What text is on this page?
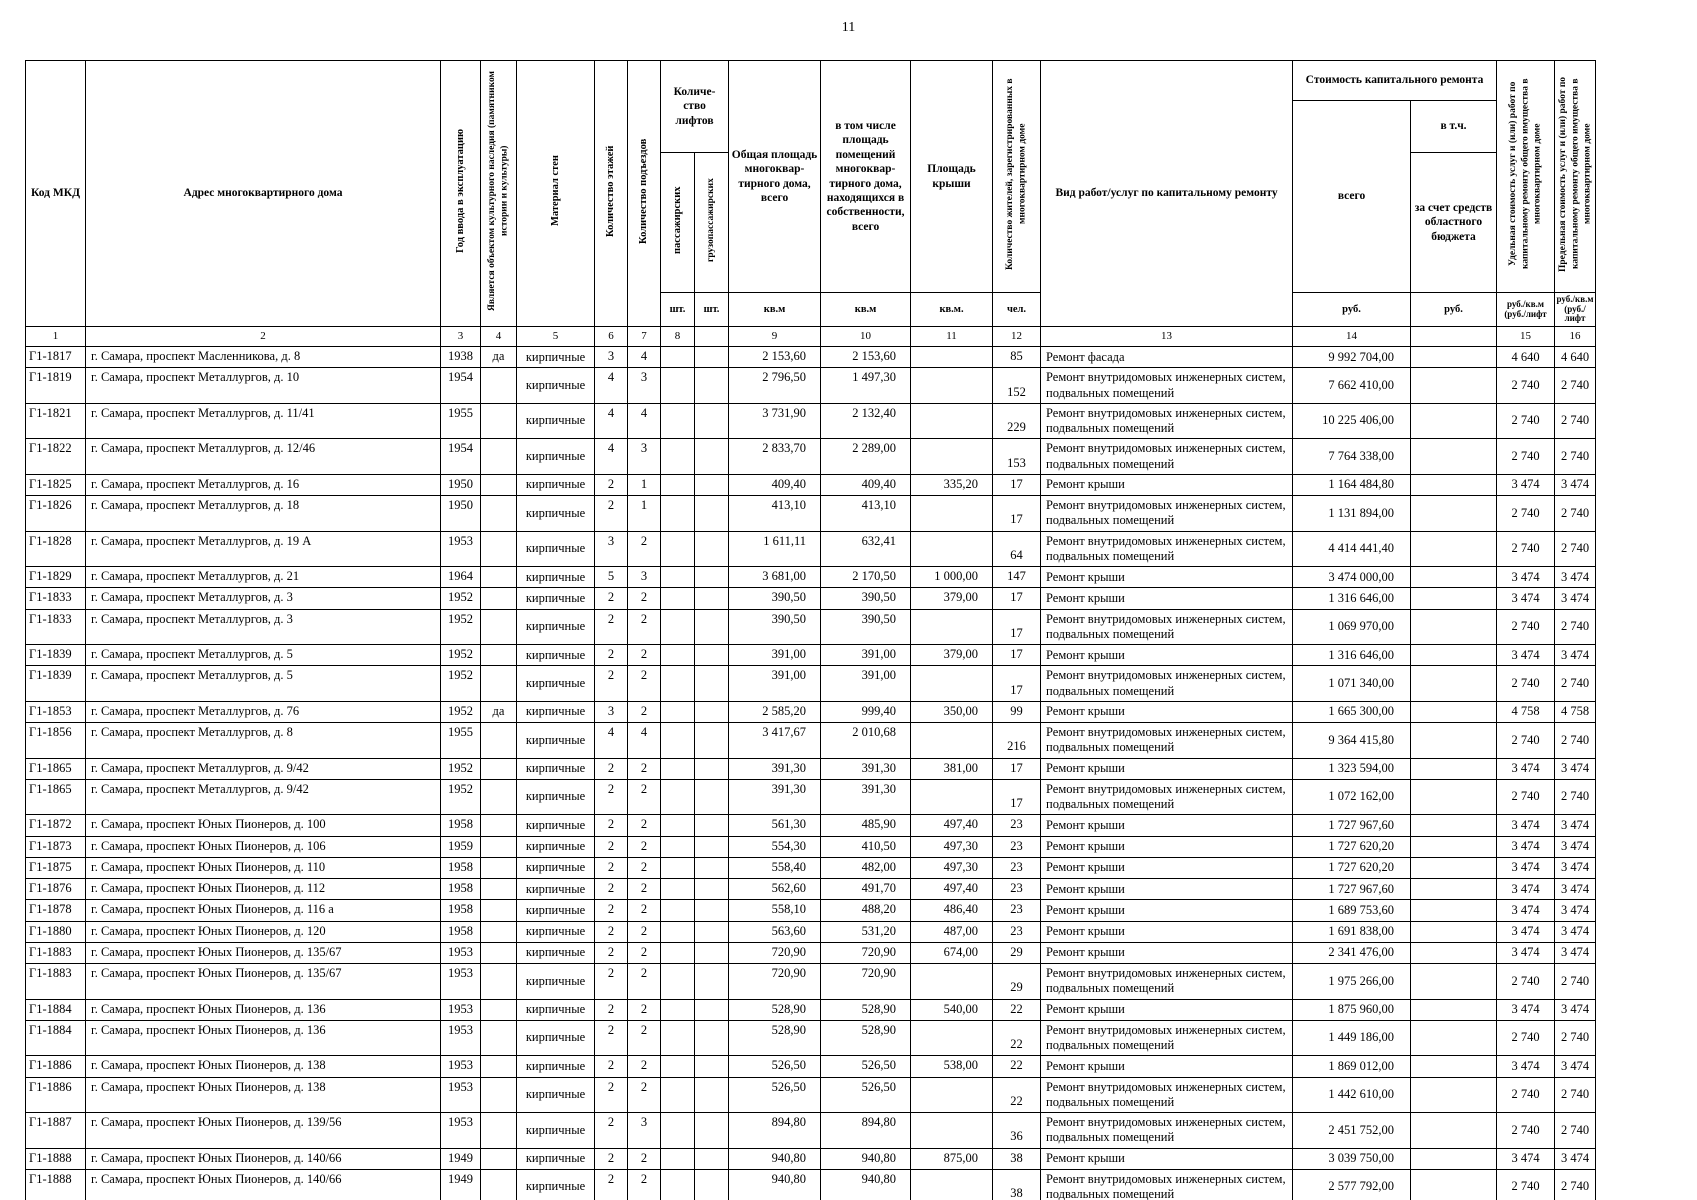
11
Код МКД	Адрес многоквартирного дома	Год ввода в эксплуатацию	Является объектом культурного наследия (памятником истории и культуры)	Материал стен	Количество этажей	Количество подъездов	Количе-ство лифтов		Общая площадь многоквар-тирного дома, всего	в том числе площадь помещений многоквар-тирного дома, находящихся в собственности, всего	Площадь крыши	Количество жителей, зарегистрированных в многоквартирном доме	Вид работ/услуг по капитальному ремонту	Стоимость капитального ремонта		Удельная стоимость услуг и (или) работ по капитальному ремонту общего имущества в многоквартирном доме	Предельная стоимость услуг и (или) работ по капитальному ремонту общего имущества в многоквартирном доме
														всего	в т.ч.		
							пассажирских	грузопассажирских							за счет средств областного бюджета		
							шт.	шт.	кв.м	кв.м	кв.м.	чел.		руб.	руб.	руб./кв.м (руб./лифт	руб./кв.м (руб./лифт
1	2	3	4	5	6	7	8		9	10	11	12	13	14		15	16
Г1-1817	г. Самара, проспект Масленникова, д. 8	1938	да	кирпичные	3	4			2 153,60	2 153,60		85	Ремонт фасада	9 992 704,00		4 640	4 640
Г1-1819	г. Самара, проспект Металлургов, д. 10	1954		кирпичные	4	3			2 796,50	1 497,30		152	Ремонт внутридомовых инженерных систем, подвальных помещений	7 662 410,00		2 740	2 740
Г1-1821	г. Самара, проспект Металлургов, д. 11/41	1955		кирпичные	4	4			3 731,90	2 132,40		229	Ремонт внутридомовых инженерных систем, подвальных помещений	10 225 406,00		2 740	2 740
Г1-1822	г. Самара, проспект Металлургов, д. 12/46	1954		кирпичные	4	3			2 833,70	2 289,00		153	Ремонт внутридомовых инженерных систем, подвальных помещений	7 764 338,00		2 740	2 740
Г1-1825	г. Самара, проспект Металлургов, д. 16	1950		кирпичные	2	1			409,40	409,40	335,20	17	Ремонт крыши	1 164 484,80		3 474	3 474
Г1-1826	г. Самара, проспект Металлургов, д. 18	1950		кирпичные	2	1			413,10	413,10		17	Ремонт внутридомовых инженерных систем, подвальных помещений	1 131 894,00		2 740	2 740
Г1-1828	г. Самара, проспект Металлургов, д. 19 А	1953		кирпичные	3	2			1 611,11	632,41		64	Ремонт внутридомовых инженерных систем, подвальных помещений	4 414 441,40		2 740	2 740
Г1-1829	г. Самара, проспект Металлургов, д. 21	1964		кирпичные	5	3			3 681,00	2 170,50	1 000,00	147	Ремонт крыши	3 474 000,00		3 474	3 474
Г1-1833	г. Самара, проспект Металлургов, д. 3	1952		кирпичные	2	2			390,50	390,50	379,00	17	Ремонт крыши	1 316 646,00		3 474	3 474
Г1-1833	г. Самара, проспект Металлургов, д. 3	1952		кирпичные	2	2			390,50	390,50		17	Ремонт внутридомовых инженерных систем, подвальных помещений	1 069 970,00		2 740	2 740
Г1-1839	г. Самара, проспект Металлургов, д. 5	1952		кирпичные	2	2			391,00	391,00	379,00	17	Ремонт крыши	1 316 646,00		3 474	3 474
Г1-1839	г. Самара, проспект Металлургов, д. 5	1952		кирпичные	2	2			391,00	391,00		17	Ремонт внутридомовых инженерных систем, подвальных помещений	1 071 340,00		2 740	2 740
Г1-1853	г. Самара, проспект Металлургов, д. 76	1952	да	кирпичные	3	2			2 585,20	999,40	350,00	99	Ремонт крыши	1 665 300,00		4 758	4 758
Г1-1856	г. Самара, проспект Металлургов, д. 8	1955		кирпичные	4	4			3 417,67	2 010,68		216	Ремонт внутридомовых инженерных систем, подвальных помещений	9 364 415,80		2 740	2 740
Г1-1865	г. Самара, проспект Металлургов, д. 9/42	1952		кирпичные	2	2			391,30	391,30	381,00	17	Ремонт крыши	1 323 594,00		3 474	3 474
Г1-1865	г. Самара, проспект Металлургов, д. 9/42	1952		кирпичные	2	2			391,30	391,30		17	Ремонт внутридомовых инженерных систем, подвальных помещений	1 072 162,00		2 740	2 740
Г1-1872	г. Самара, проспект Юных Пионеров, д. 100	1958		кирпичные	2	2			561,30	485,90	497,40	23	Ремонт крыши	1 727 967,60		3 474	3 474
Г1-1873	г. Самара, проспект Юных Пионеров, д. 106	1959		кирпичные	2	2			554,30	410,50	497,30	23	Ремонт крыши	1 727 620,20		3 474	3 474
Г1-1875	г. Самара, проспект Юных Пионеров, д. 110	1958		кирпичные	2	2			558,40	482,00	497,30	23	Ремонт крыши	1 727 620,20		3 474	3 474
Г1-1876	г. Самара, проспект Юных Пионеров, д. 112	1958		кирпичные	2	2			562,60	491,70	497,40	23	Ремонт крыши	1 727 967,60		3 474	3 474
Г1-1878	г. Самара, проспект Юных Пионеров, д. 116 а	1958		кирпичные	2	2			558,10	488,20	486,40	23	Ремонт крыши	1 689 753,60		3 474	3 474
Г1-1880	г. Самара, проспект Юных Пионеров, д. 120	1958		кирпичные	2	2			563,60	531,20	487,00	23	Ремонт крыши	1 691 838,00		3 474	3 474
Г1-1883	г. Самара, проспект Юных Пионеров, д. 135/67	1953		кирпичные	2	2			720,90	720,90	674,00	29	Ремонт крыши	2 341 476,00		3 474	3 474
Г1-1883	г. Самара, проспект Юных Пионеров, д. 135/67	1953		кирпичные	2	2			720,90	720,90		29	Ремонт внутридомовых инженерных систем, подвальных помещений	1 975 266,00		2 740	2 740
Г1-1884	г. Самара, проспект Юных Пионеров, д. 136	1953		кирпичные	2	2			528,90	528,90	540,00	22	Ремонт крыши	1 875 960,00		3 474	3 474
Г1-1884	г. Самара, проспект Юных Пионеров, д. 136	1953		кирпичные	2	2			528,90	528,90		22	Ремонт внутридомовых инженерных систем, подвальных помещений	1 449 186,00		2 740	2 740
Г1-1886	г. Самара, проспект Юных Пионеров, д. 138	1953		кирпичные	2	2			526,50	526,50	538,00	22	Ремонт крыши	1 869 012,00		3 474	3 474
Г1-1886	г. Самара, проспект Юных Пионеров, д. 138	1953		кирпичные	2	2			526,50	526,50		22	Ремонт внутридомовых инженерных систем, подвальных помещений	1 442 610,00		2 740	2 740
Г1-1887	г. Самара, проспект Юных Пионеров, д. 139/56	1953		кирпичные	2	3			894,80	894,80		36	Ремонт внутридомовых инженерных систем, подвальных помещений	2 451 752,00		2 740	2 740
Г1-1888	г. Самара, проспект Юных Пионеров, д. 140/66	1949		кирпичные	2	2			940,80	940,80	875,00	38	Ремонт крыши	3 039 750,00		3 474	3 474
Г1-1888	г. Самара, проспект Юных Пионеров, д. 140/66	1949		кирпичные	2	2			940,80	940,80		38	Ремонт внутридомовых инженерных систем, подвальных помещений	2 577 792,00		2 740	2 740
